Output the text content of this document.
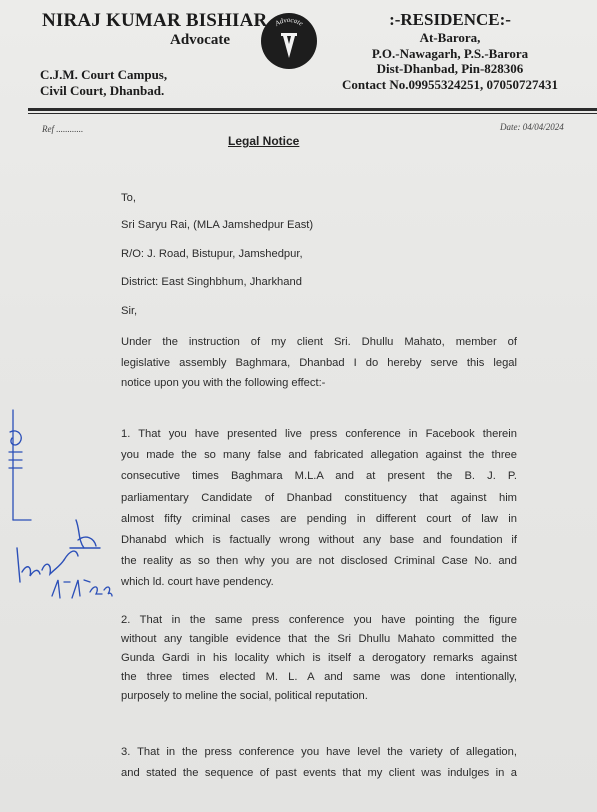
NIRAJ KUMAR BISHIAR
Advocate
C.J.M. Court Campus,
Civil Court, Dhanbad.
Advocate	:-RESIDENCE:-
At-Barora,
P.O.-Nawagarh, P.S.-Barora
Dist-Dhanbad, Pin-828306
Contact No.09955324251, 07050727431
Ref ............	Date: 04/04/2024
Legal Notice
To,
Sri Saryu Rai, (MLA Jamshedpur East)
R/O: J. Road, Bistupur, Jamshedpur,
District: East Singhbhum, Jharkhand
Sir,
Under the instruction of my client Sri. Dhullu Mahato, member of
legislative assembly Baghmara, Dhanbad I do hereby serve this legal
notice upon you with the following effect:-
1. That you have presented live press conference in Facebook therein
you made the so many false and fabricated allegation against the three
consecutive times Baghmara M.L.A and at present the B. J. P.
parliamentary Candidate of Dhanbad constituency that against him
almost fifty criminal cases are pending in different court of law in
Dhanabd which is factually wrong without any base and foundation if
the reality as so then why you are not disclosed Criminal Case No. and
which ld. court have pendency.
2. That in the same press conference you have pointing the figure
without any tangible evidence that the Sri Dhullu Mahato committed the
Gunda Gardi in his locality which is itself a derogatory remarks against
the three times elected M. L. A and same was done intentionally,
purposely to meline the social, political reputation.
3. That in the press conference you have level the variety of allegation,
and stated the sequence of past events that my client was indulges in a
